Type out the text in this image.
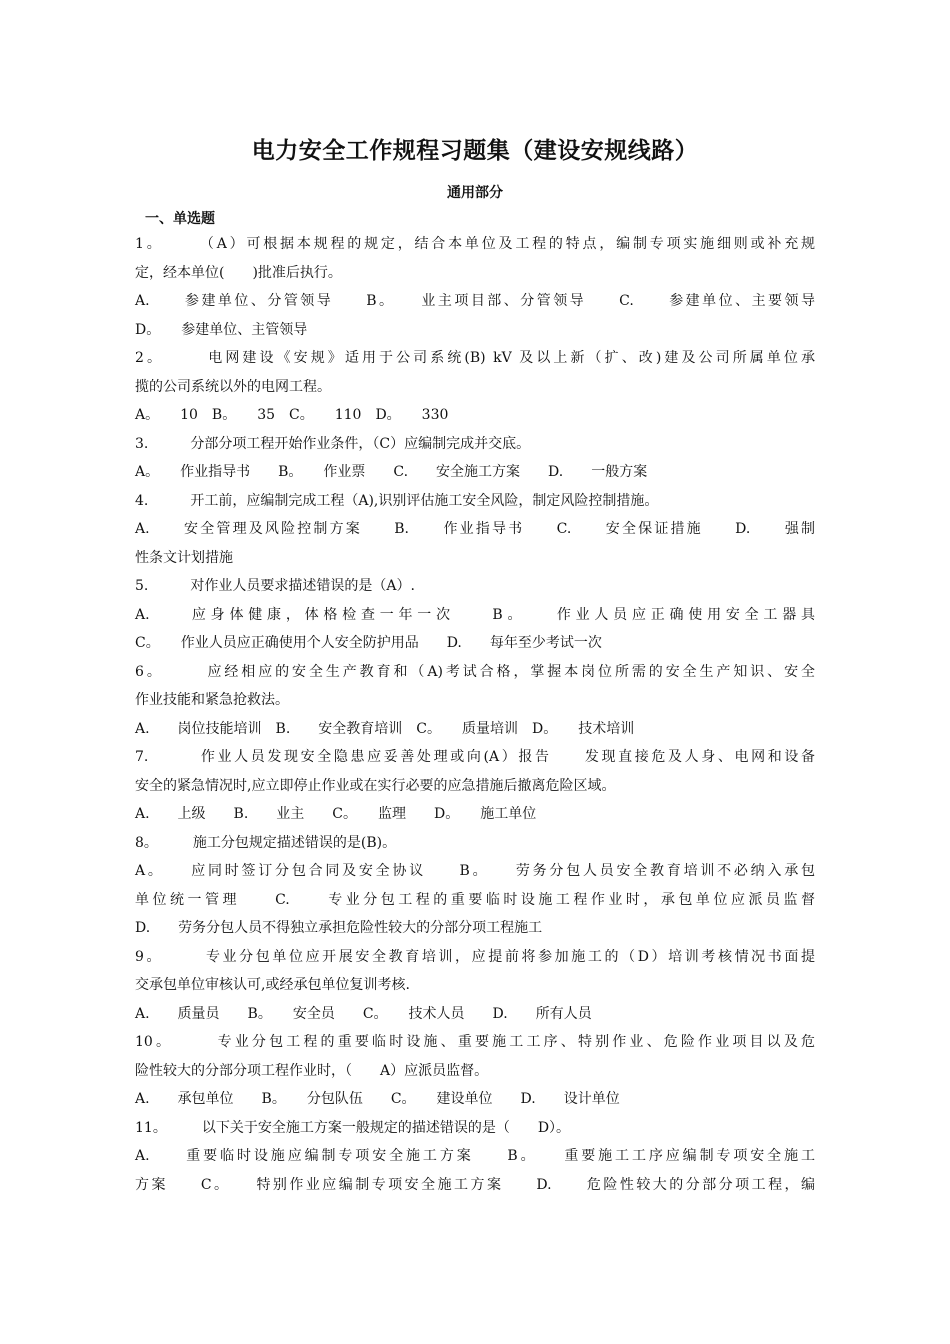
电力安全工作规程习题集（建设安规线路）
通用部分
一、单选题
1。　　　（A）可根据本规程的规定，结合本单位及工程的特点，编制专项实施细则或补充规
定，经本单位(　　)批准后执行。
A.　　参建单位、分管领导　　B。　　业主项目部、分管领导　　C.　　参建单位、主要领导
D。　　参建单位、主管领导
2。　　　电网建设《安规》适用于公司系统(B) kV 及以上新（扩、改)建及公司所属单位承
揽的公司系统以外的电网工程。
A。　　10　B。　　35　C。　　110　D。　　330
3.　　　分部分项工程开始作业条件，（C）应编制完成并交底。
A。　　作业指导书　　B。　　作业票　　C.　　安全施工方案　　D.　　一般方案
4.　　　开工前，应编制完成工程（A),识别评估施工安全风险，制定风险控制措施。
A.　　安全管理及风险控制方案　　B.　　作业指导书　　C.　　安全保证措施　　D.　　强制
性条文计划措施
5.　　　对作业人员要求描述错误的是（A）.
A.　　应身体健康，体格检查一年一次　　B。　　作业人员应正确使用安全工器具
C。　　作业人员应正确使用个人安全防护用品　　D.　　每年至少考试一次
6。　　　应经相应的安全生产教育和（A)考试合格，掌握本岗位所需的安全生产知识、安全
作业技能和紧急抢救法。
A.　　岗位技能培训　B.　　安全教育培训　C。　　质量培训　D。　　技术培训
7.　　　作业人员发现安全隐患应妥善处理或向(A）报告　　发现直接危及人身、电网和设备
安全的紧急情况时,应立即停止作业或在实行必要的应急措施后撤离危险区域。
A.　　上级　　B.　　业主　　C。　　监理　　D。　　施工单位
8。　　　施工分包规定描述错误的是(B)。
A。　　应同时签订分包合同及安全协议　　B。　　劳务分包人员安全教育培训不必纳入承包
单位统一管理　　C.　　专业分包工程的重要临时设施工程作业时，承包单位应派员监督
D.　　劳务分包人员不得独立承担危险性较大的分部分项工程施工
9。　　　专业分包单位应开展安全教育培训，应提前将参加施工的（D）培训考核情况书面提
交承包单位审核认可,或经承包单位复训考核.
A.　　质量员　　B。　　安全员　　C。　　技术人员　　D.　　所有人员
10。　　　专业分包工程的重要临时设施、重要施工工序、特别作业、危险作业项目以及危
险性较大的分部分项工程作业时，（　　A）应派员监督。
A.　　承包单位　　B。　　分包队伍　　C。　　建设单位　　D.　　设计单位
11。　　　以下关于安全施工方案一般规定的描述错误的是（　　D）。
A.　　重要临时设施应编制专项安全施工方案　　B。　　重要施工工序应编制专项安全施工
方案　　C。　　特别作业应编制专项安全施工方案　　D.　　危险性较大的分部分项工程，编
